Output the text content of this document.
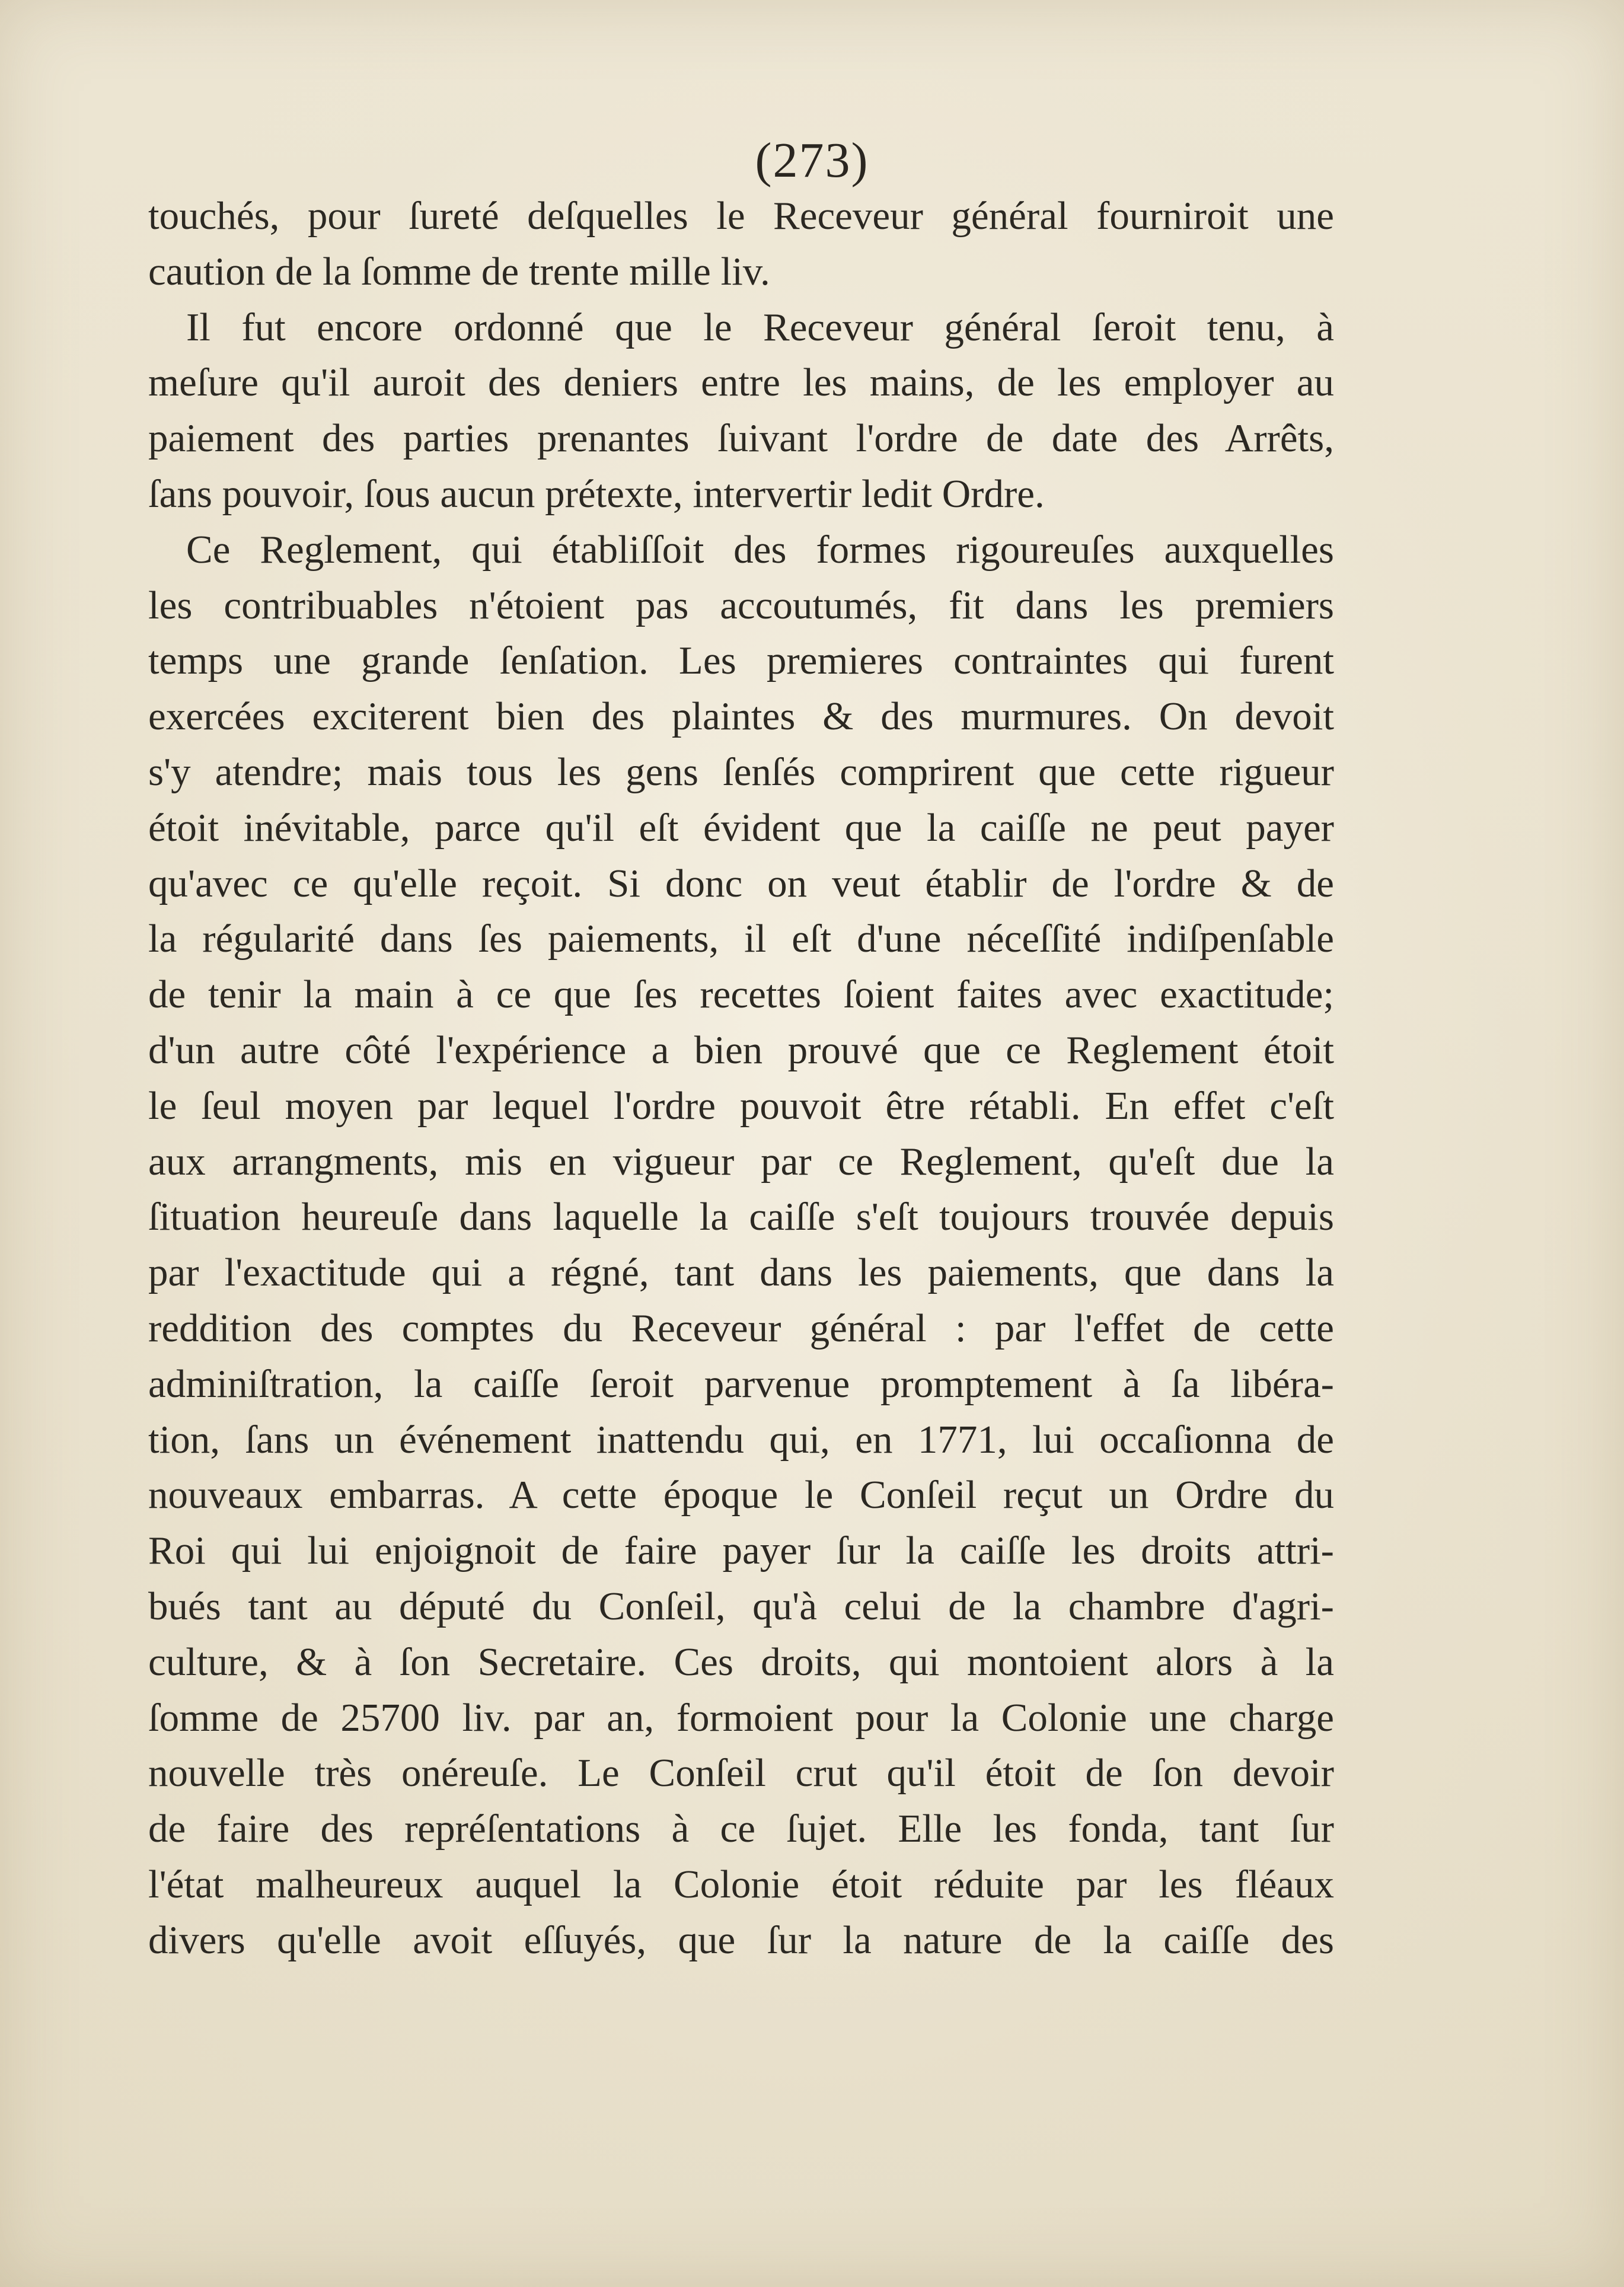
(273)
touchés, pour ſureté deſquelles le Receveur général fourniroit une
caution de la ſomme de trente mille liv.
Il fut encore ordonné que le Receveur général ſeroit tenu, à
meſure qu'il auroit des deniers entre les mains, de les employer au
paiement des parties prenantes ſuivant l'ordre de date des Arrêts,
ſans pouvoir, ſous aucun prétexte, intervertir ledit Ordre.
Ce Reglement, qui établiſſoit des formes rigoureuſes auxquelles
les contribuables n'étoient pas accoutumés, fit dans les premiers
temps une grande ſenſation. Les premieres contraintes qui furent
exercées exciterent bien des plaintes & des murmures. On devoit
s'y atendre; mais tous les gens ſenſés comprirent que cette rigueur
étoit inévitable, parce qu'il eſt évident que la caiſſe ne peut payer
qu'avec ce qu'elle reçoit. Si donc on veut établir de l'ordre & de
la régularité dans ſes paiements, il eſt d'une néceſſité indiſpenſable
de tenir la main à ce que ſes recettes ſoient faites avec exactitude;
d'un autre côté l'expérience a bien prouvé que ce Reglement étoit
le ſeul moyen par lequel l'ordre pouvoit être rétabli. En effet c'eſt
aux arrangments, mis en vigueur par ce Reglement, qu'eſt due la
ſituation heureuſe dans laquelle la caiſſe s'eſt toujours trouvée depuis
par l'exactitude qui a régné, tant dans les paiements, que dans la
reddition des comptes du Receveur général : par l'effet de cette
adminiſtration, la caiſſe ſeroit parvenue promptement à ſa libéra-
tion, ſans un événement inattendu qui, en 1771, lui occaſionna de
nouveaux embarras. A cette époque le Conſeil reçut un Ordre du
Roi qui lui enjoignoit de faire payer ſur la caiſſe les droits attri-
bués tant au député du Conſeil, qu'à celui de la chambre d'agri-
culture, & à ſon Secretaire. Ces droits, qui montoient alors à la
ſomme de 25700 liv. par an, formoient pour la Colonie une charge
nouvelle très onéreuſe. Le Conſeil crut qu'il étoit de ſon devoir
de faire des repréſentations à ce ſujet. Elle les fonda, tant ſur
l'état malheureux auquel la Colonie étoit réduite par les fléaux
divers qu'elle avoit eſſuyés, que ſur la nature de la caiſſe des
